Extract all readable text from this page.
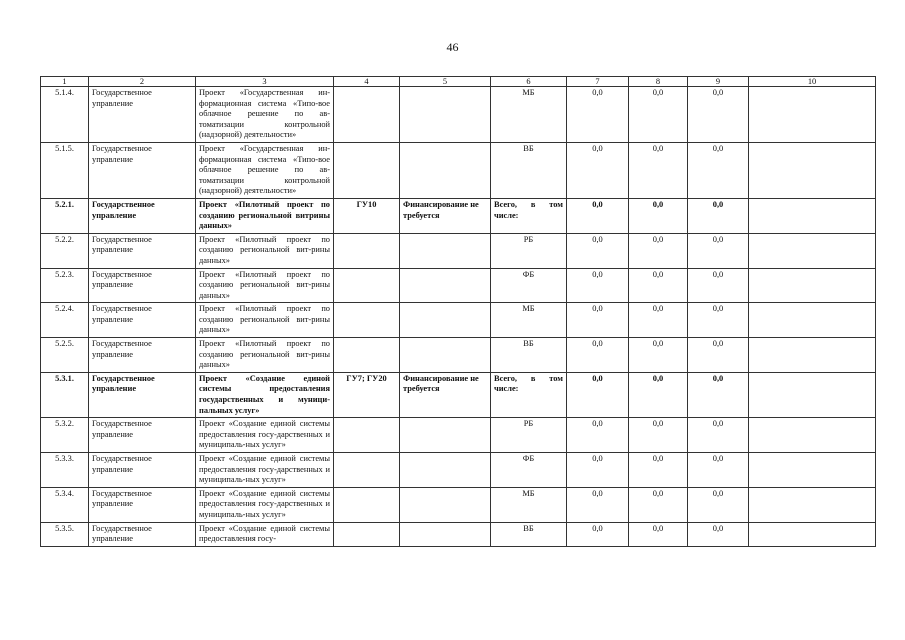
46
1	2	3	4	5	6	7	8	9	10
5.1.4.	Государственное управление	Проект «Государственная ин-формационная система «Типо-вое облачное решение по ав-томатизации контрольной (надзорной) деятельности»			МБ	0,0	0,0	0,0	
5.1.5.	Государственное управление	Проект «Государственная ин-формационная система «Типо-вое облачное решение по ав-томатизации контрольной (надзорной) деятельности»			ВБ	0,0	0,0	0,0	
5.2.1.	Государственное управление	Проект «Пилотный проект по созданию региональной витрины данных»	ГУ10	Финансирование не требуется	Всего, в том числе:	0,0	0,0	0,0	
5.2.2.	Государственное управление	Проект «Пилотный проект по созданию региональной вит-рины данных»			РБ	0,0	0,0	0,0	
5.2.3.	Государственное управление	Проект «Пилотный проект по созданию региональной вит-рины данных»			ФБ	0,0	0,0	0,0	
5.2.4.	Государственное управление	Проект «Пилотный проект по созданию региональной вит-рины данных»			МБ	0,0	0,0	0,0	
5.2.5.	Государственное управление	Проект «Пилотный проект по созданию региональной вит-рины данных»			ВБ	0,0	0,0	0,0	
5.3.1.	Государственное управление	Проект «Создание единой системы предоставления государственных и муници-пальных услуг»	ГУ7; ГУ20	Финансирование не требуется	Всего, в том числе:	0,0	0,0	0,0	
5.3.2.	Государственное управление	Проект «Создание единой системы предоставления госу-дарственных и муниципаль-ных услуг»			РБ	0,0	0,0	0,0	
5.3.3.	Государственное управление	Проект «Создание единой системы предоставления госу-дарственных и муниципаль-ных услуг»			ФБ	0,0	0,0	0,0	
5.3.4.	Государственное управление	Проект «Создание единой системы предоставления госу-дарственных и муниципаль-ных услуг»			МБ	0,0	0,0	0,0	
5.3.5.	Государственное управление	Проект «Создание единой системы предоставления госу-			ВБ	0,0	0,0	0,0	
